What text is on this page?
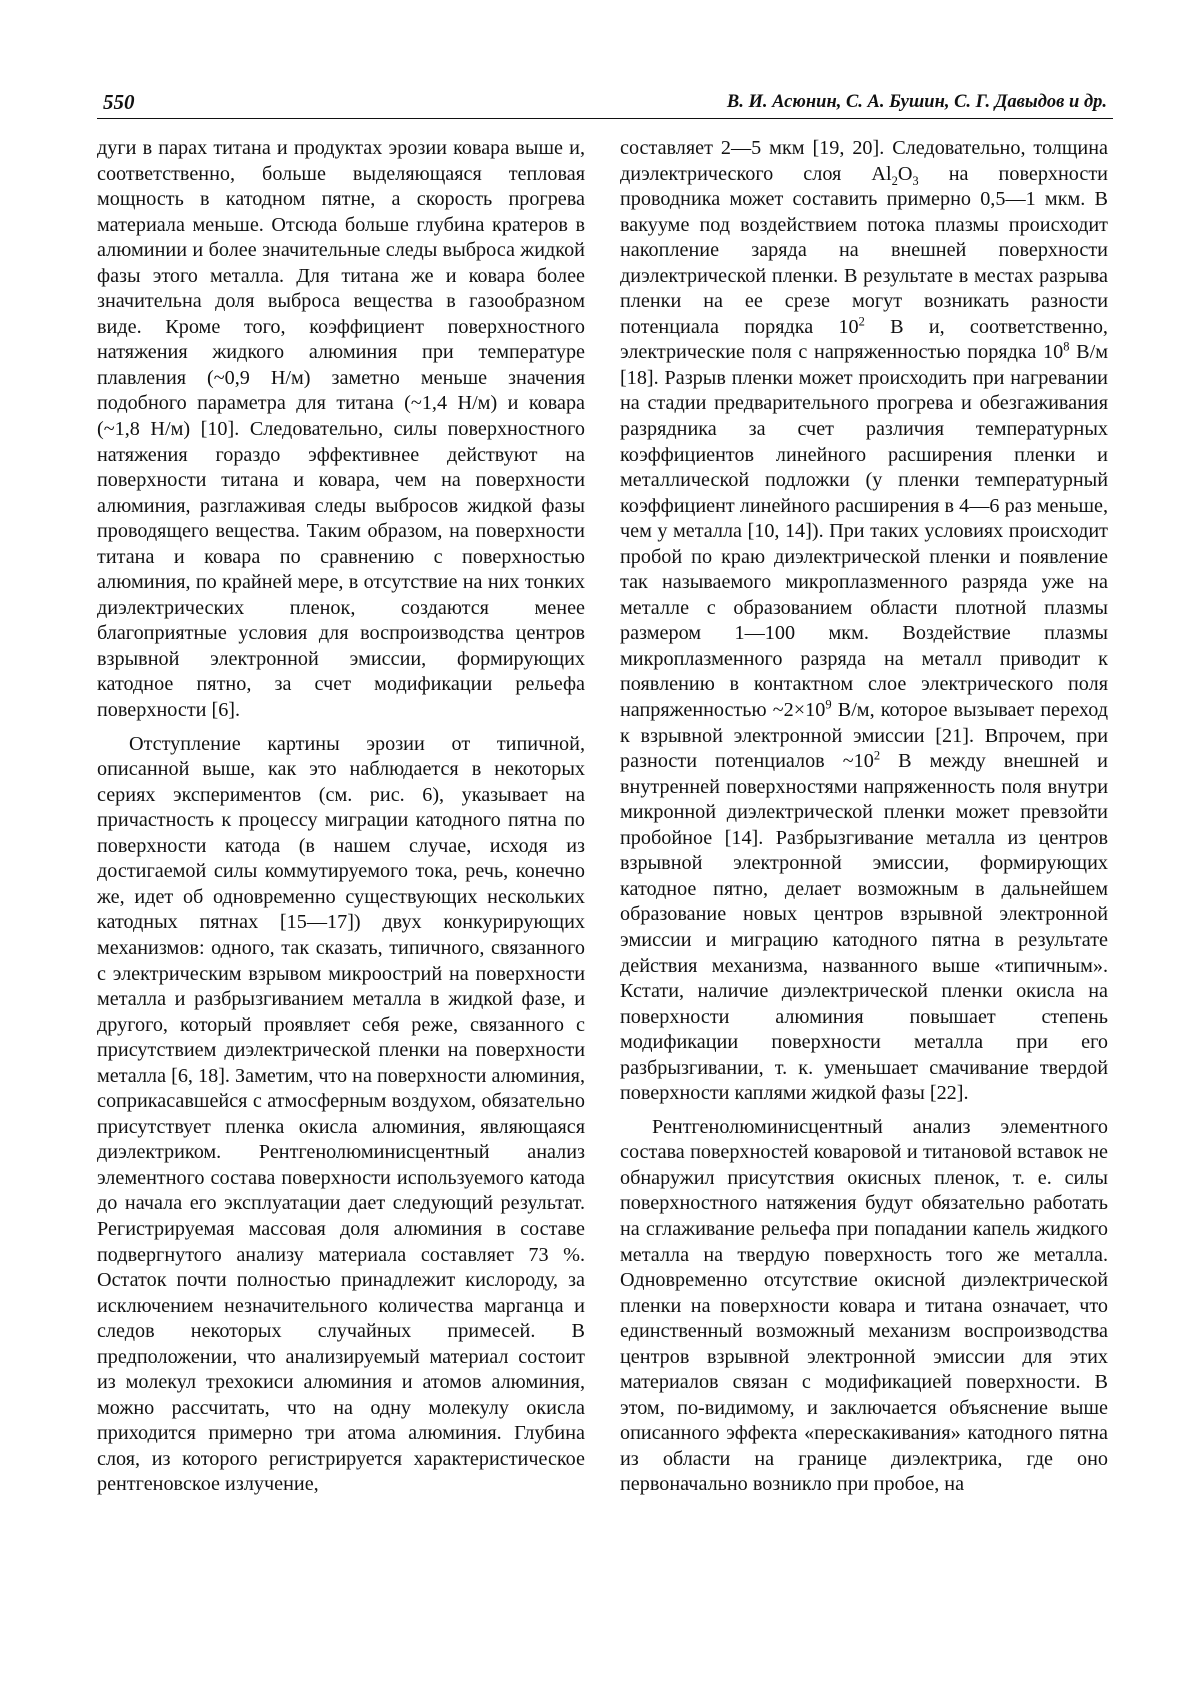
550	В. И. Асюнин, С. А. Бушин, С. Г. Давыдов и др.

дуги в парах титана и продуктах эрозии ковара выше и, соответственно, больше выделяющаяся тепловая мощность в катодном пятне, а скорость прогрева материала меньше. Отсюда больше глубина кратеров в алюминии и более значительные следы выброса жидкой фазы этого металла. Для титана же и ковара более значительна доля выброса вещества в газообразном виде. Кроме того, коэффициент поверхностного натяжения жидкого алюминия при температуре плавления (~0,9 Н/м) заметно меньше значения подобного параметра для титана (~1,4 Н/м) и ковара (~1,8 Н/м) [10]. Следовательно, силы поверхностного натяжения гораздо эффективнее действуют на поверхности титана и ковара, чем на поверхности алюминия, разглаживая следы выбросов жидкой фазы проводящего вещества. Таким образом, на поверхности титана и ковара по сравнению с поверхностью алюминия, по крайней мере, в отсутствие на них тонких диэлектрических пленок, создаются менее благоприятные условия для воспроизводства центров взрывной электронной эмиссии, формирующих катодное пятно, за счет модификации рельефа поверхности [6].

Отступление картины эрозии от типичной, описанной выше, как это наблюдается в некоторых сериях экспериментов (см. рис. 6), указывает на причастность к процессу миграции катодного пятна по поверхности катода (в нашем случае, исходя из достигаемой силы коммутируемого тока, речь, конечно же, идет об одновременно существующих нескольких катодных пятнах [15—17]) двух конкурирующих механизмов: одного, так сказать, типичного, связанного с электрическим взрывом микроострий на поверхности металла и разбрызгиванием металла в жидкой фазе, и другого, который проявляет себя реже, связанного с присутствием диэлектрической пленки на поверхности металла [6, 18]. Заметим, что на поверхности алюминия, соприкасавшейся с атмосферным воздухом, обязательно присутствует пленка окисла алюминия, являющаяся диэлектриком. Рентгенолюминисцентный анализ элементного состава поверхности используемого катода до начала его эксплуатации дает следующий результат. Регистрируемая массовая доля алюминия в составе подвергнутого анализу материала составляет 73 %. Остаток почти полностью принадлежит кислороду, за исключением незначительного количества марганца и следов некоторых случайных примесей. В предположении, что анализируемый материал состоит из молекул трехокиси алюминия и атомов алюминия, можно рассчитать, что на одну молекулу окисла приходится примерно три атома алюминия. Глубина слоя, из которого регистрируется характеристическое рентгеновское излучение,

составляет 2—5 мкм [19, 20]. Следовательно, толщина диэлектрического слоя $Al_2O_3$ на поверхности проводника может составить примерно 0,5—1 мкм. В вакууме под воздействием потока плазмы происходит накопление заряда на внешней поверхности диэлектрической пленки. В результате в местах разрыва пленки на ее срезе могут возникать разности потенциала порядка $10^2$ В и, соответственно, электрические поля с напряженностью порядка $10^8$ В/м [18]. Разрыв пленки может происходить при нагревании на стадии предварительного прогрева и обезгаживания разрядника за счет различия температурных коэффициентов линейного расширения пленки и металлической подложки (у пленки температурный коэффициент линейного расширения в 4—6 раз меньше, чем у металла [10, 14]). При таких условиях происходит пробой по краю диэлектрической пленки и появление так называемого микроплазменного разряда уже на металле с образованием области плотной плазмы размером 1—100 мкм. Воздействие плазмы микроплазменного разряда на металл приводит к появлению в контактном слое электрического поля напряженностью $\sim 2\times 10^9$ В/м, которое вызывает переход к взрывной электронной эмиссии [21]. Впрочем, при разности потенциалов $\sim 10^2$ В между внешней и внутренней поверхностями напряженность поля внутри микронной диэлектрической пленки может превзойти пробойное [14]. Разбрызгивание металла из центров взрывной электронной эмиссии, формирующих катодное пятно, делает возможным в дальнейшем образование новых центров взрывной электронной эмиссии и миграцию катодного пятна в результате действия механизма, названного выше «типичным». Кстати, наличие диэлектрической пленки окисла на поверхности алюминия повышает степень модификации поверхности металла при его разбрызгивании, т. к. уменьшает смачивание твердой поверхности каплями жидкой фазы [22].

Рентгенолюминисцентный анализ элементного состава поверхностей коваровой и титановой вставок не обнаружил присутствия окисных пленок, т. е. силы поверхностного натяжения будут обязательно работать на сглаживание рельефа при попадании капель жидкого металла на твердую поверхность того же металла. Одновременно отсутствие окисной диэлектрической пленки на поверхности ковара и титана означает, что единственный возможный механизм воспроизводства центров взрывной электронной эмиссии для этих материалов связан с модификацией поверхности. В этом, по-видимому, и заключается объяснение выше описанного эффекта «перескакивания» катодного пятна из области на границе диэлектрика, где оно первоначально возникло при пробое, на
